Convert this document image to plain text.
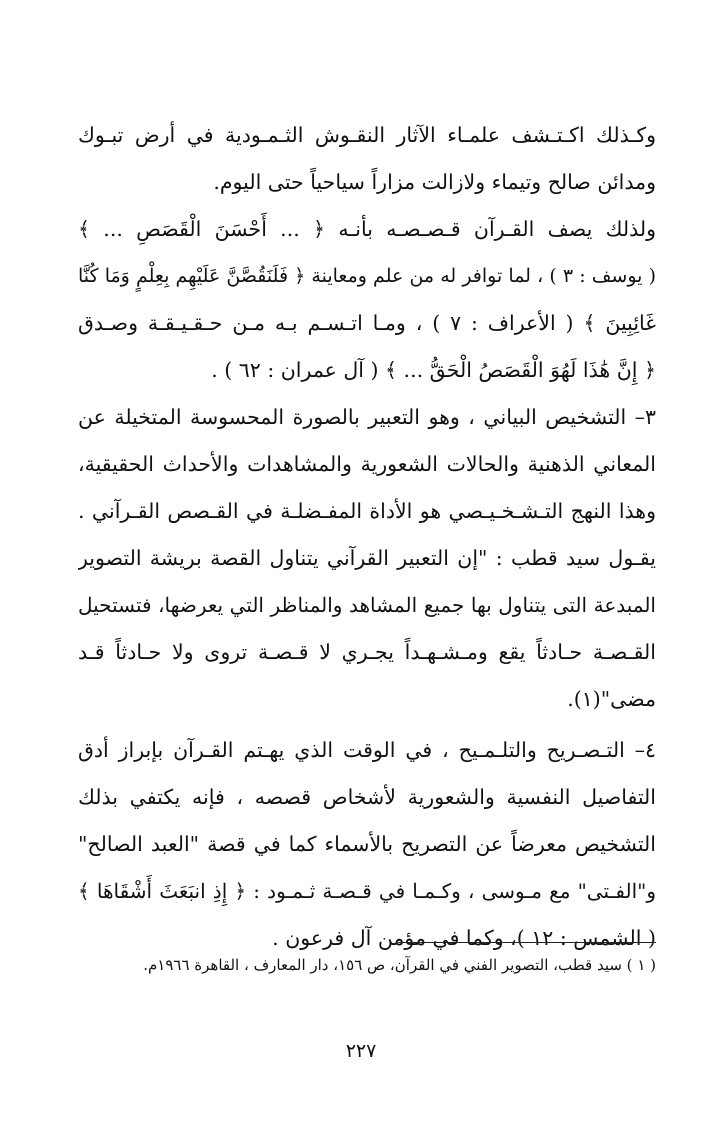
وكـذلك اكـتـشف علمـاء الآثار النقـوش الثـمـودية في أرض تبـوك
ومدائن صالح وتيماء ولازالت مزاراً سياحياً حتى اليوم.
ولذلك يصف القـرآن قـصـصـه بأنـه ﴿ ... أَحْسَنَ الْقَصَصِ ... ﴾
( يوسف : ٣ ) ، لما توافر له من علم ومعاينة ﴿ فَلَنَقُصَّنَّ عَلَيْهِم بِعِلْمٍ وَمَا كُنَّا
غَائِبِينَ ﴾ ( الأعراف : ٧ ) ، ومـا اتـسـم بـه مـن حـقـيـقـة وصـدق
﴿ إِنَّ هَٰذَا لَهُوَ الْقَصَصُ الْحَقُّ ... ﴾ ( آل عمران : ٦٢ ) .
٣– التشخيص البياني ، وهو التعبير بالصورة المحسوسة المتخيلة عن
المعاني الذهنية والحالات الشعورية والمشاهدات والأحداث الحقيقية،
وهذا النهج التـشـخـيـصي هو الأداة المفـضلـة في القـصص القـرآني .
يقـول سيد قطب : "إن التعبير القرآني يتناول القصة بريشة التصوير
المبدعة التى يتناول بها جميع المشاهد والمناظر التي يعرضها، فتستحيل
القـصـة حـادثاً يقع ومـشـهـداً يجـري لا قـصـة تروى ولا حـادثاً قـد
مضى"(١).
٤– التـصـريح والتلـمـيح ، في الوقت الذي يهـتم القـرآن بإبراز أدق
التفاصيل النفسية والشعورية لأشخاص قصصه ، فإنه يكتفي بذلك
التشخيص معرضاً عن التصريح بالأسماء كما في قصة "العبد الصالح"
و"الفـتى" مع مـوسى ، وكـمـا في قـصـة ثـمـود : ﴿ إِذِ انبَعَثَ أَشْقَاهَا ﴾
( الشمس : ١٢ )، وكما في مؤمن آل فرعون .
( ١ ) سيد قطب، التصوير الفني في القرآن، ص ١٥٦، دار المعارف ، القاهرة ١٩٦٦م.
٢٢٧
